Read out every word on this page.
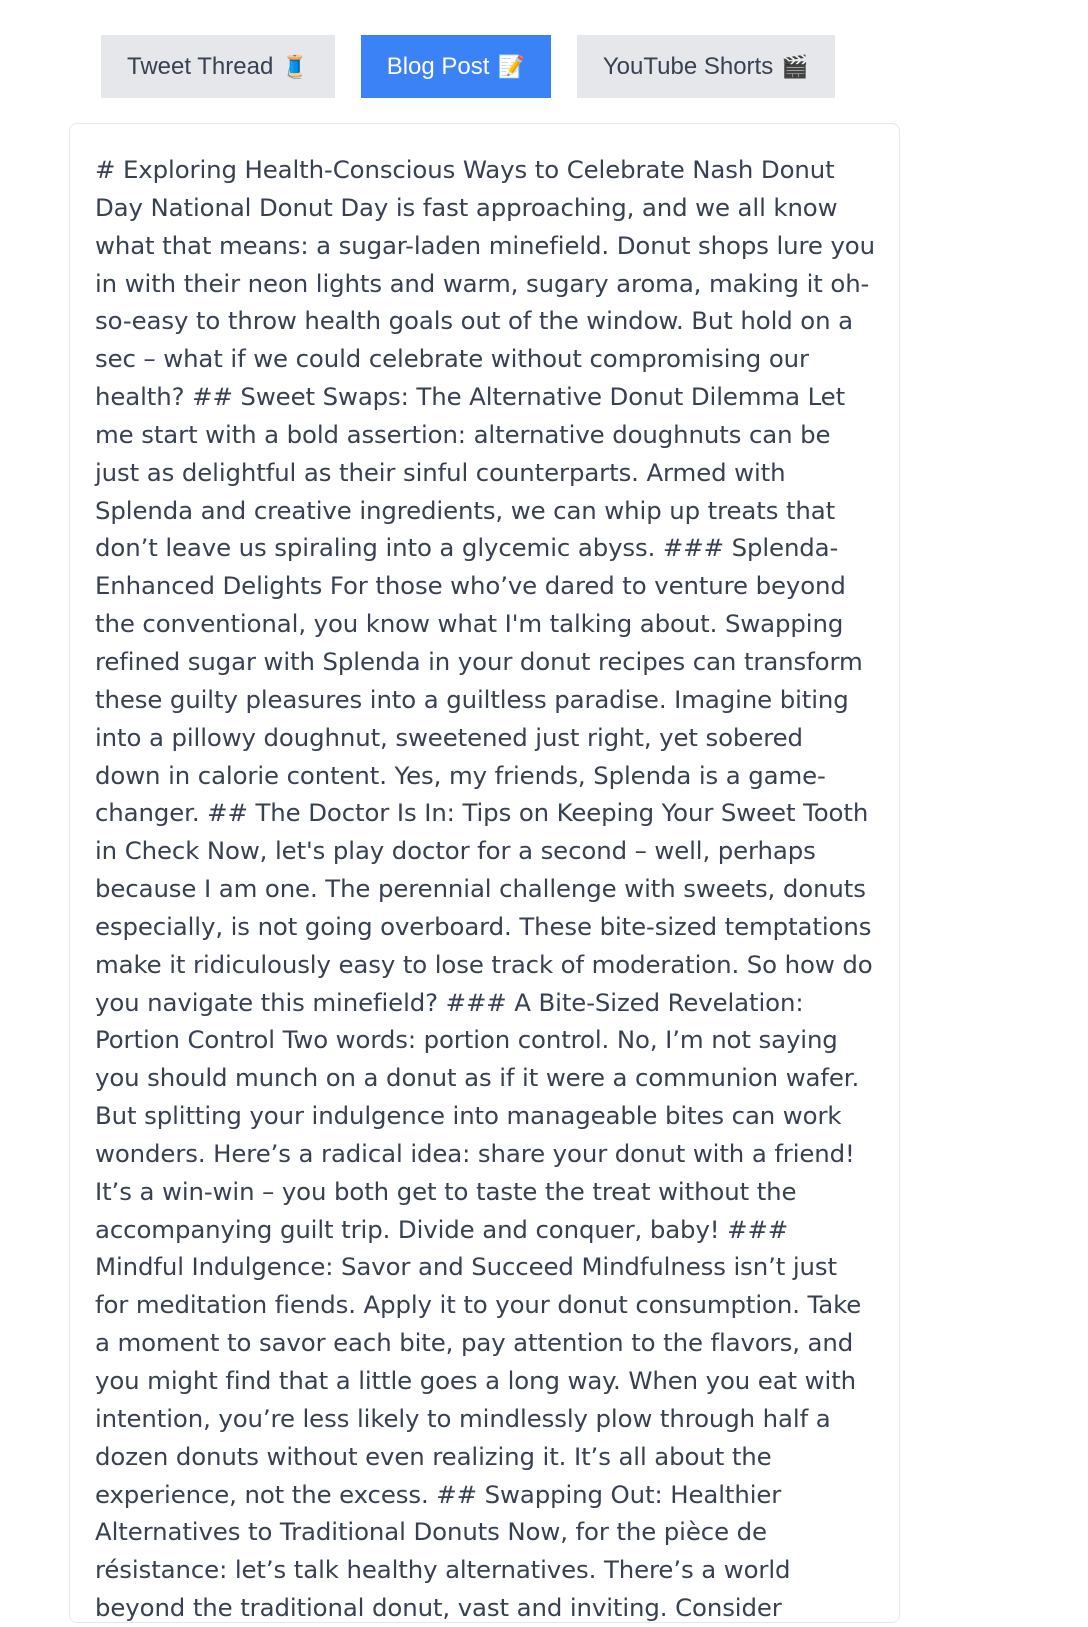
Tweet Thread 🧵	Blog Post 📝	YouTube Shorts 🎬

# Exploring Health-Conscious Ways to Celebrate Nash Donut Day National Donut Day is fast approaching, and we all know what that means: a sugar-laden minefield. Donut shops lure you in with their neon lights and warm, sugary aroma, making it oh-so-easy to throw health goals out of the window. But hold on a sec – what if we could celebrate without compromising our health? ## Sweet Swaps: The Alternative Donut Dilemma Let me start with a bold assertion: alternative doughnuts can be just as delightful as their sinful counterparts. Armed with Splenda and creative ingredients, we can whip up treats that don’t leave us spiraling into a glycemic abyss. ### Splenda-Enhanced Delights For those who’ve dared to venture beyond the conventional, you know what I'm talking about. Swapping refined sugar with Splenda in your donut recipes can transform these guilty pleasures into a guiltless paradise. Imagine biting into a pillowy doughnut, sweetened just right, yet sobered down in calorie content. Yes, my friends, Splenda is a game-changer. ## The Doctor Is In: Tips on Keeping Your Sweet Tooth in Check Now, let's play doctor for a second – well, perhaps because I am one. The perennial challenge with sweets, donuts especially, is not going overboard. These bite-sized temptations make it ridiculously easy to lose track of moderation. So how do you navigate this minefield? ### A Bite-Sized Revelation: Portion Control Two words: portion control. No, I’m not saying you should munch on a donut as if it were a communion wafer. But splitting your indulgence into manageable bites can work wonders. Here’s a radical idea: share your donut with a friend! It’s a win-win – you both get to taste the treat without the accompanying guilt trip. Divide and conquer, baby! ### Mindful Indulgence: Savor and Succeed Mindfulness isn’t just for meditation fiends. Apply it to your donut consumption. Take a moment to savor each bite, pay attention to the flavors, and you might find that a little goes a long way. When you eat with intention, you’re less likely to mindlessly plow through half a dozen donuts without even realizing it. It’s all about the experience, not the excess. ## Swapping Out: Healthier Alternatives to Traditional Donuts Now, for the pièce de résistance: let’s talk healthy alternatives. There’s a world beyond the traditional donut, vast and inviting. Consider
